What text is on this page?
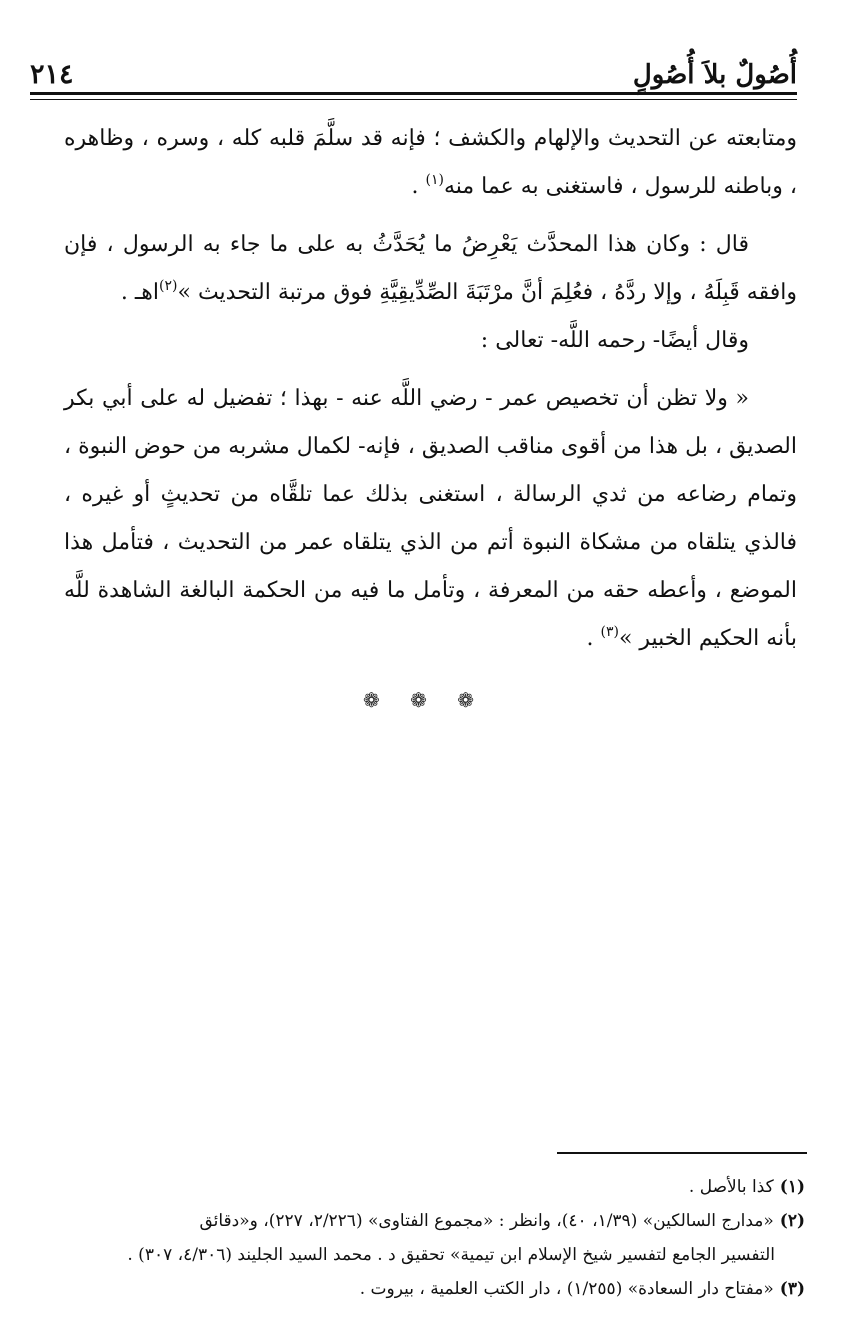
أُصُولٌ بلاَ أُصُولٍ
٢١٤

ومتابعته عن التحديث والإلهام والكشف ؛ فإنه قد سلَّمَ قلبه كله ، وسره ، وظاهره ، وباطنه للرسول ، فاستغنى به عما منه$^{(١)}$ .

قال : وكان هذا المحدَّث يَعْرِضُ ما يُحَدَّثُ به على ما جاء به الرسول ، فإن وافقه قَبِلَهُ ، وإلا ردَّهُ ، فعُلِمَ أنَّ مرْتَبَةَ الصِّدِّيقِيَّةِ فوق مرتبة التحديث »$^{(٢)}$اهـ .

وقال أيضًا- رحمه اللَّه- تعالى :

« ولا تظن أن تخصيص عمر - رضي اللَّه عنه - بهذا ؛ تفضيل له على أبي بكر الصديق ، بل هذا من أقوى مناقب الصديق ، فإنه- لكمال مشربه من حوض النبوة ، وتمام رضاعه من ثدي الرسالة ، استغنى بذلك عما تلقَّاه من تحديثٍ أو غيره ، فالذي يتلقاه من مشكاة النبوة أتم من الذي يتلقاه عمر من التحديث ، فتأمل هذا الموضع ، وأعطه حقه من المعرفة ، وتأمل ما فيه من الحكمة البالغة الشاهدة للَّه بأنه الحكيم الخبير »$^{(٣)}$ .

❁ ❁ ❁

(١)كذا بالأصل .

(٢)«مدارج السالكين» (١/٣٩، ٤٠)، وانظر : «مجموع الفتاوى» (٢/٢٢٦، ٢٢٧)، و«دقائق

التفسير الجامع لتفسير شيخ الإسلام ابن تيمية» تحقيق د . محمد السيد الجليند (٤/٣٠٦، ٣٠٧) .

(٣)«مفتاح دار السعادة» (١/٢٥٥) ، دار الكتب العلمية ، بيروت .
